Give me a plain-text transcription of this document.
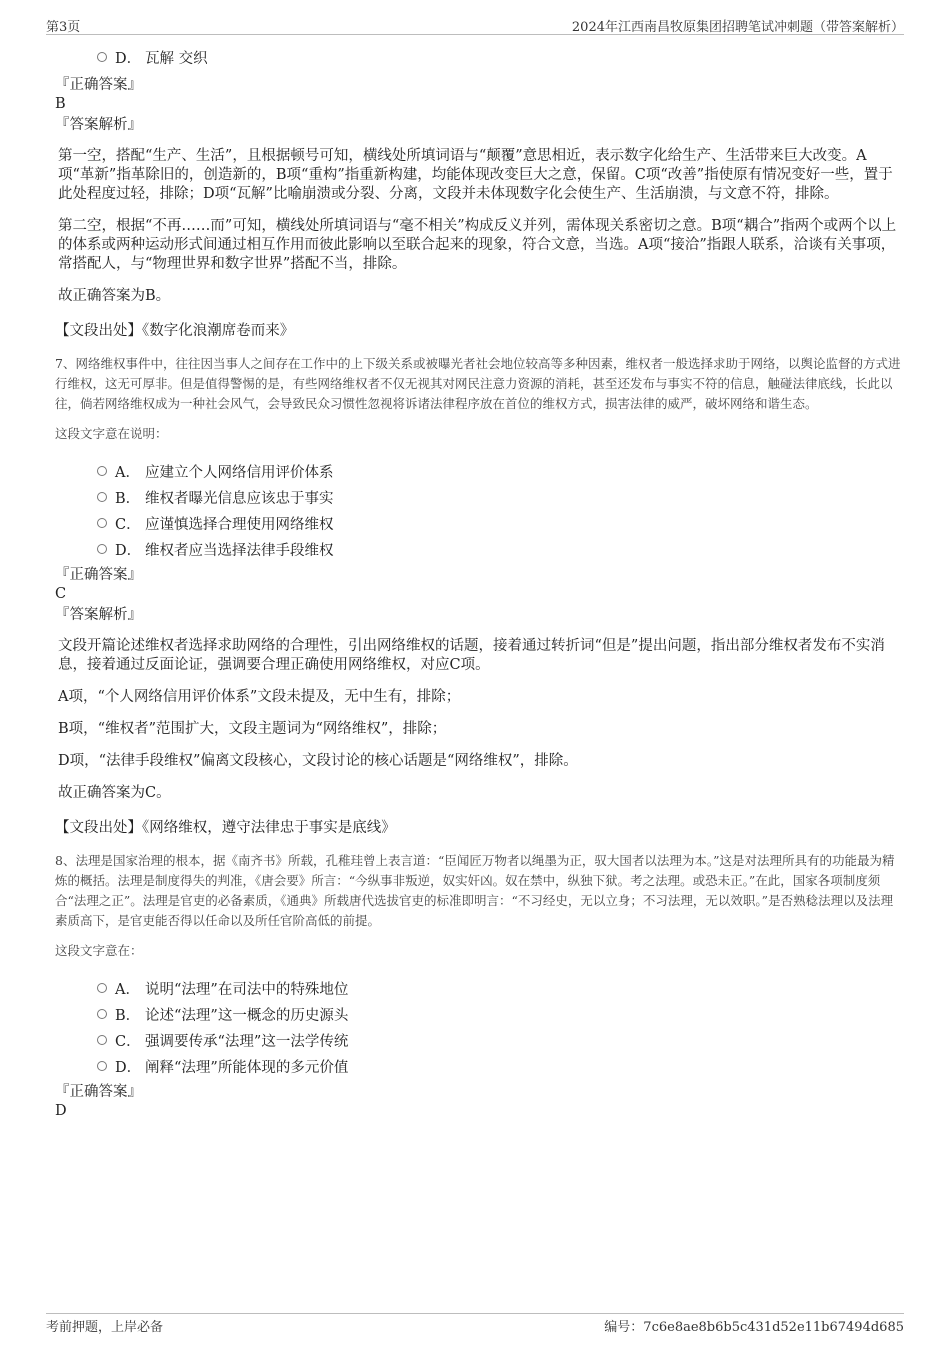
第3页	2024年江西南昌牧原集团招聘笔试冲刺题（带答案解析）
D． 瓦解 交织
『正确答案』
B
『答案解析』
第一空，搭配“生产、生活”，且根据顿号可知，横线处所填词语与“颠覆”意思相近，表示数字化给生产、生活带来巨大改变。A项“革新”指革除旧的，创造新的，B项“重构”指重新构建，均能体现改变巨大之意，保留。C项“改善”指使原有情况变好一些，置于此处程度过轻，排除；D项“瓦解”比喻崩溃或分裂、分离，文段并未体现数字化会使生产、生活崩溃，与文意不符，排除。
第二空，根据“不再……而”可知，横线处所填词语与“毫不相关”构成反义并列，需体现关系密切之意。B项“耦合”指两个或两个以上的体系或两种运动形式间通过相互作用而彼此影响以至联合起来的现象，符合文意，当选。A项“接洽”指跟人联系，洽谈有关事项，常搭配人，与“物理世界和数字世界”搭配不当，排除。
故正确答案为B。
【文段出处】《数字化浪潮席卷而来》
7、网络维权事件中，往往因当事人之间存在工作中的上下级关系或被曝光者社会地位较高等多种因素，维权者一般选择求助于网络，以舆论监督的方式进行维权，这无可厚非。但是值得警惕的是，有些网络维权者不仅无视其对网民注意力资源的消耗，甚至还发布与事实不符的信息，触碰法律底线，长此以往，倘若网络维权成为一种社会风气，会导致民众习惯性忽视将诉诸法律程序放在首位的维权方式，损害法律的威严，破坏网络和谐生态。
这段文字意在说明：
A． 应建立个人网络信用评价体系
B． 维权者曝光信息应该忠于事实
C． 应谨慎选择合理使用网络维权
D． 维权者应当选择法律手段维权
『正确答案』
C
『答案解析』
文段开篇论述维权者选择求助网络的合理性，引出网络维权的话题，接着通过转折词“但是”提出问题，指出部分维权者发布不实消息，接着通过反面论证，强调要合理正确使用网络维权，对应C项。
A项，“个人网络信用评价体系”文段未提及，无中生有，排除；
B项，“维权者”范围扩大，文段主题词为“网络维权”，排除；
D项，“法律手段维权”偏离文段核心，文段讨论的核心话题是“网络维权”，排除。
故正确答案为C。
【文段出处】《网络维权，遵守法律忠于事实是底线》
8、法理是国家治理的根本，据《南齐书》所载，孔稚珪曾上表言道：“臣闻匠万物者以绳墨为正，驭大国者以法理为本。”这是对法理所具有的功能最为精炼的概括。法理是制度得失的判准，《唐会要》所言：“今纵事非叛逆，奴实奸凶。奴在禁中，纵独下狱。考之法理。或恐未正。”在此，国家各项制度须合“法理之正”。法理是官吏的必备素质，《通典》所载唐代选拔官吏的标准即明言：“不习经史，无以立身；不习法理，无以效职。”是否熟稔法理以及法理素质高下，是官吏能否得以任命以及所任官阶高低的前提。
这段文字意在：
A． 说明“法理”在司法中的特殊地位
B． 论述“法理”这一概念的历史源头
C． 强调要传承“法理”这一法学传统
D． 阐释“法理”所能体现的多元价值
『正确答案』
D
考前押题，上岸必备	编号：7c6e8ae8b6b5c431d52e11b67494d685
